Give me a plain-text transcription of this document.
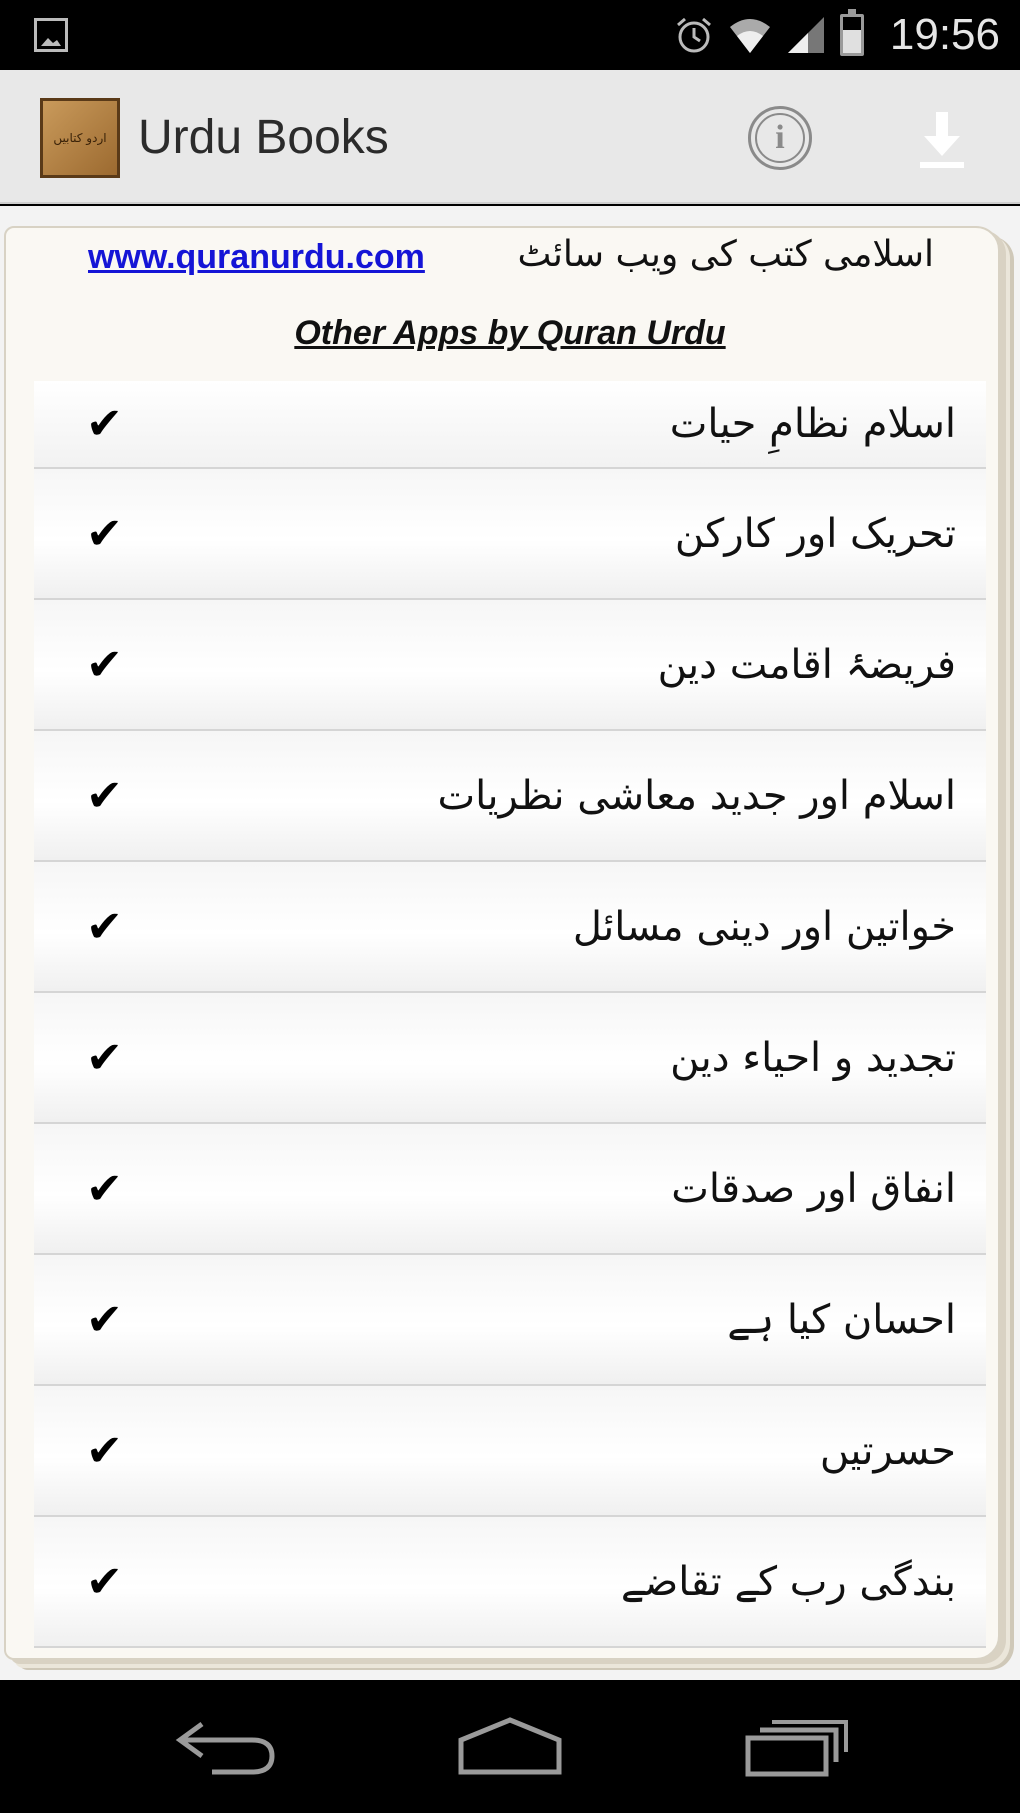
19:56
اردو کتابیں Urdu Books	i
www.quranurdu.com	اسلامی کتب کی ویب سائٹ
Other Apps by Quran Urdu
✔	اسلام نظامِ حیات
✔	تحریک اور کارکن
✔	فریضۂ اقامت دین
✔	اسلام اور جدید معاشی نظریات
✔	خواتین اور دینی مسائل
✔	تجدید و احیاء دین
✔	انفاق اور صدقات
✔	احسان کیا ہے
✔	حسرتیں
✔	بندگی رب کے تقاضے
